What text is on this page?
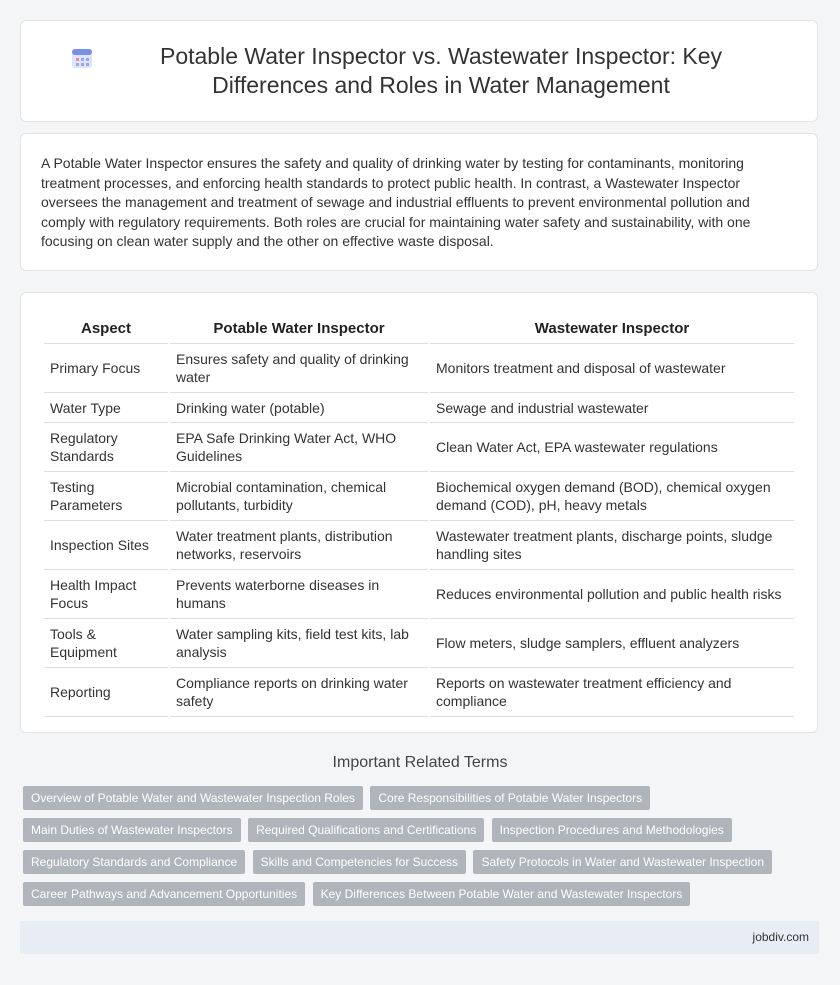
Potable Water Inspector vs. Wastewater Inspector: Key Differences and Roles in Water Management

A Potable Water Inspector ensures the safety and quality of drinking water by testing for contaminants, monitoring treatment processes, and enforcing health standards to protect public health. In contrast, a Wastewater Inspector oversees the management and treatment of sewage and industrial effluents to prevent environmental pollution and comply with regulatory requirements. Both roles are crucial for maintaining water safety and sustainability, with one focusing on clean water supply and the other on effective waste disposal.

Aspect	Potable Water Inspector	Wastewater Inspector
Primary Focus	Ensures safety and quality of drinking water	Monitors treatment and disposal of wastewater
Water Type	Drinking water (potable)	Sewage and industrial wastewater
Regulatory Standards	EPA Safe Drinking Water Act, WHO Guidelines	Clean Water Act, EPA wastewater regulations
Testing Parameters	Microbial contamination, chemical pollutants, turbidity	Biochemical oxygen demand (BOD), chemical oxygen demand (COD), pH, heavy metals
Inspection Sites	Water treatment plants, distribution networks, reservoirs	Wastewater treatment plants, discharge points, sludge handling sites
Health Impact Focus	Prevents waterborne diseases in humans	Reduces environmental pollution and public health risks
Tools & Equipment	Water sampling kits, field test kits, lab analysis	Flow meters, sludge samplers, effluent analyzers
Reporting	Compliance reports on drinking water safety	Reports on wastewater treatment efficiency and compliance
Important Related Terms
Overview of Potable Water and Wastewater Inspection Roles Core Responsibilities of Potable Water Inspectors Main Duties of Wastewater Inspectors Required Qualifications and Certifications Inspection Procedures and Methodologies Regulatory Standards and Compliance Skills and Competencies for Success Safety Protocols in Water and Wastewater Inspection Career Pathways and Advancement Opportunities Key Differences Between Potable Water and Wastewater Inspectors
jobdiv.com
